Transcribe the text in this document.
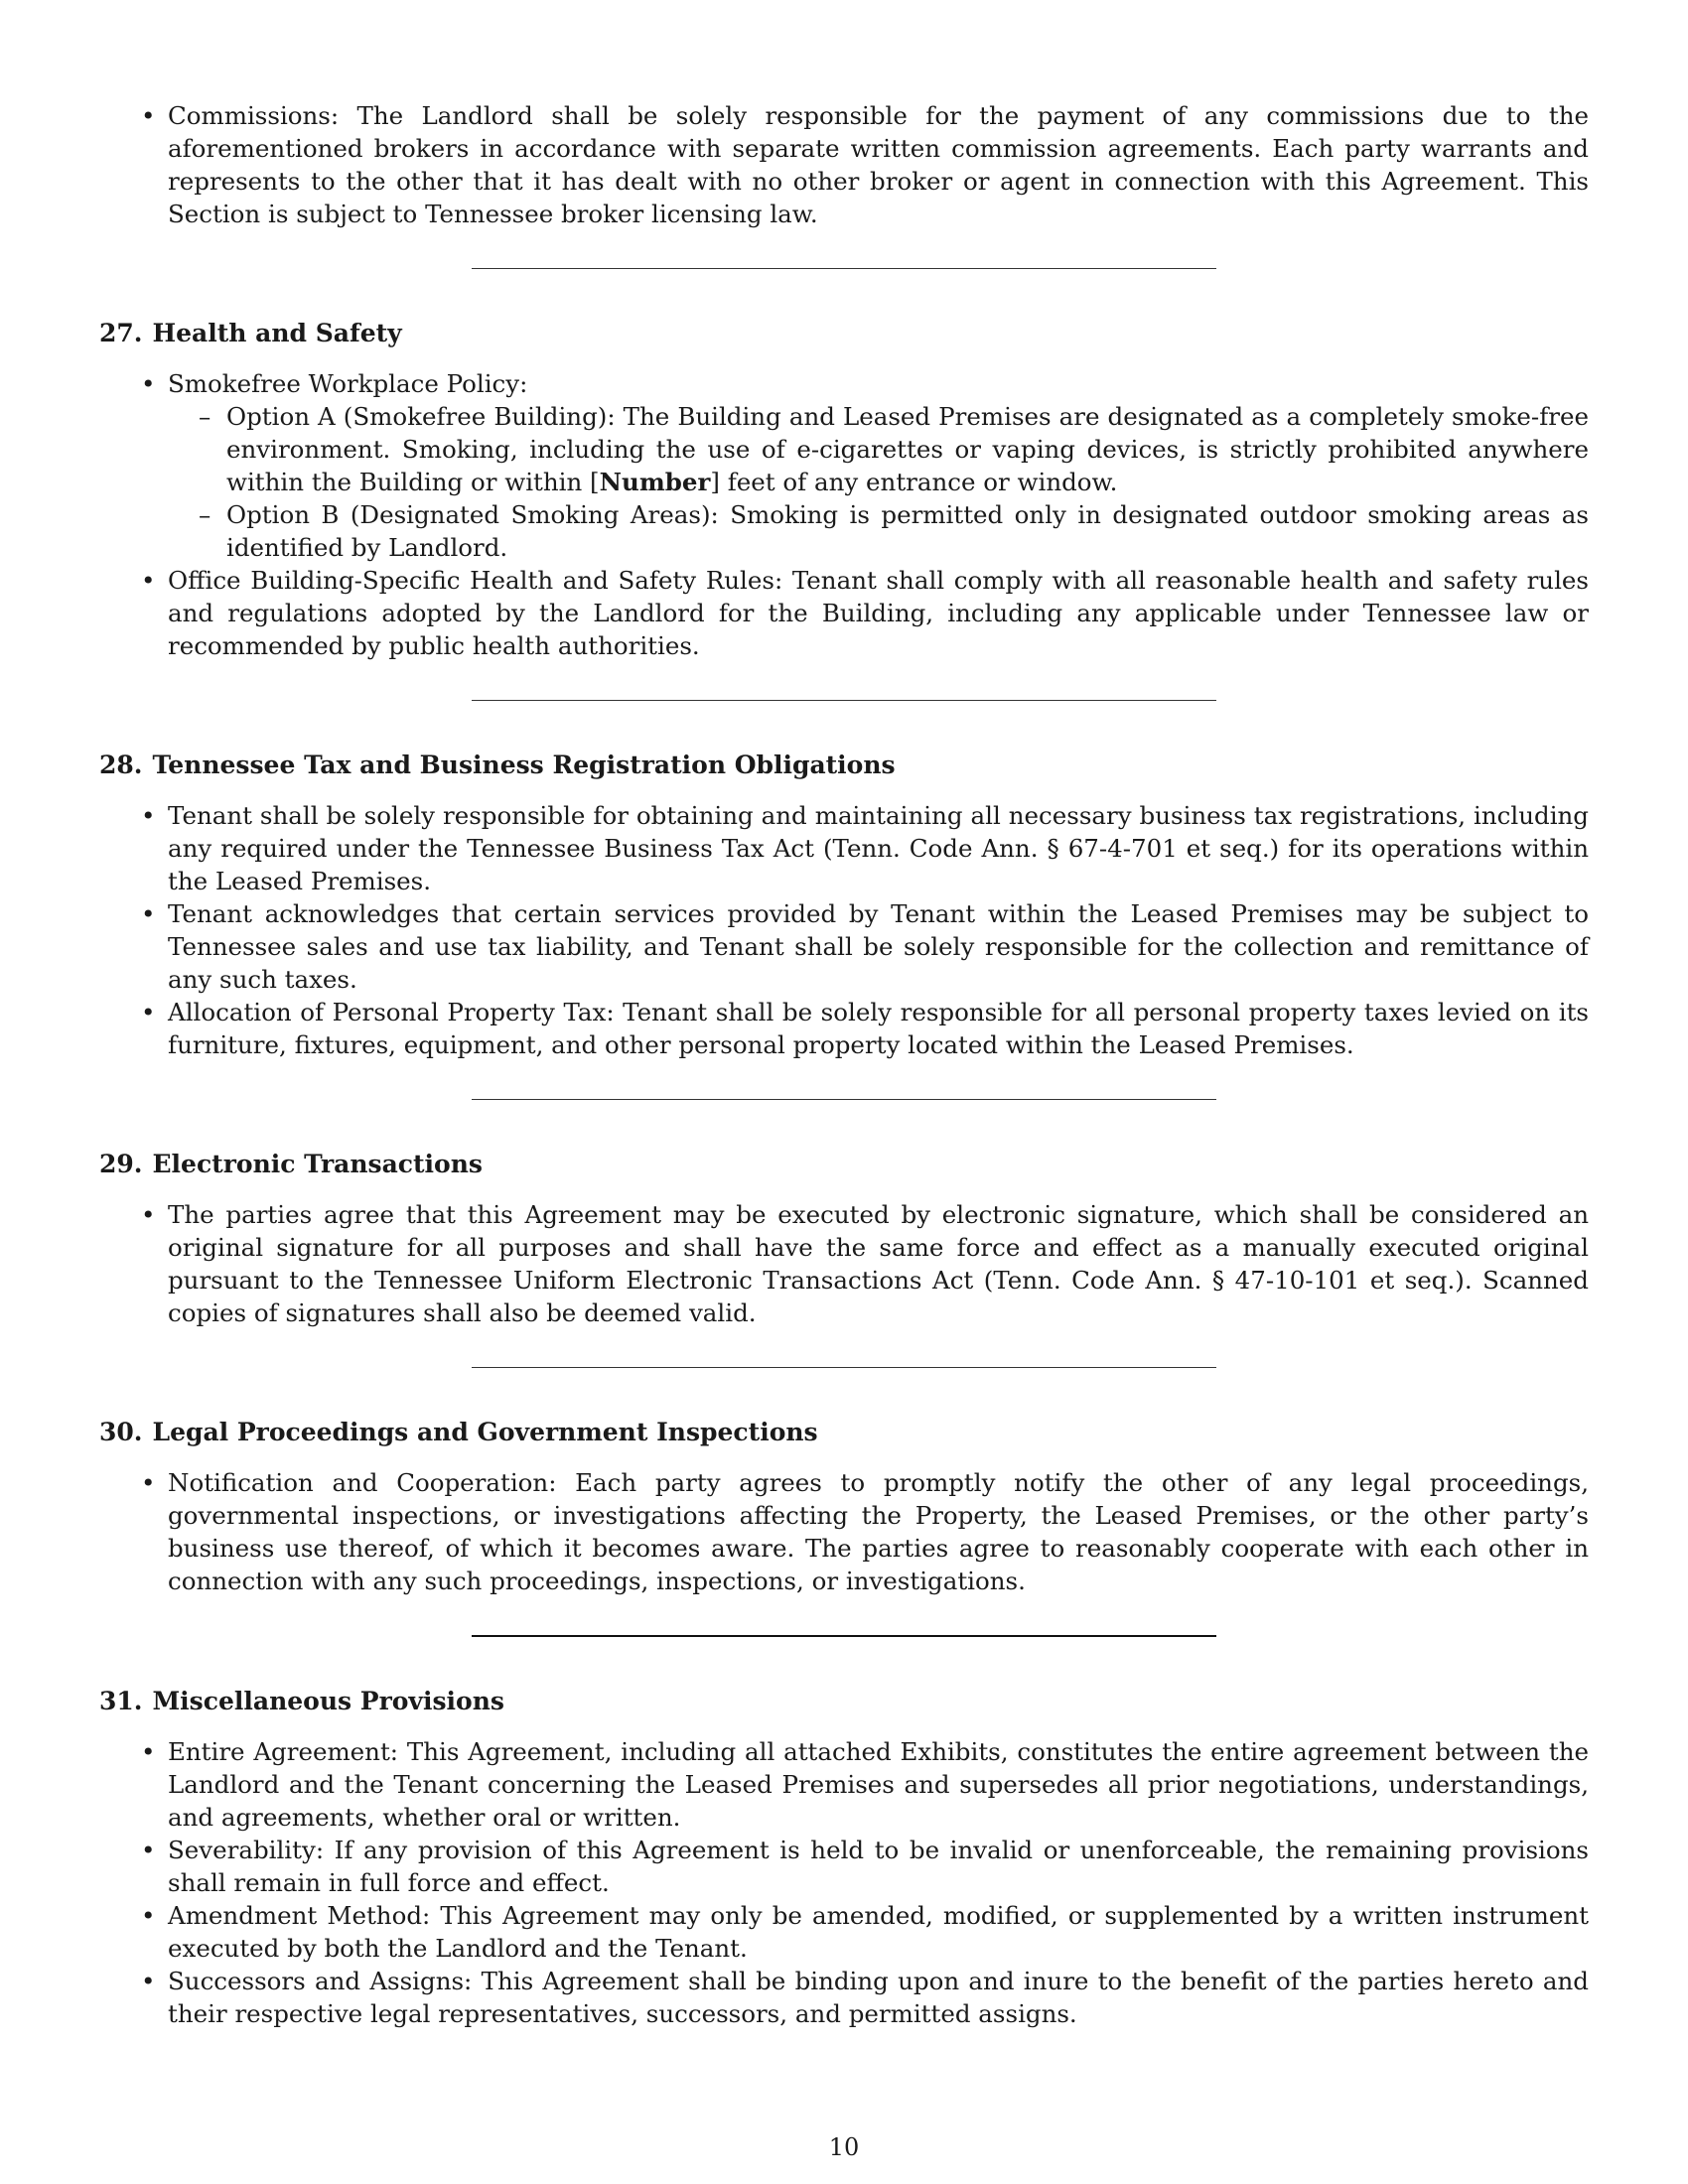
• Commissions: The Landlord shall be solely responsible for the payment of any commissions due to the aforementioned brokers in accordance with separate written commission agreements. Each party warrants and represents to the other that it has dealt with no other broker or agent in connection with this Agreement. This Section is subject to Tennessee broker licensing law.
27. Health and Safety
• Smokefree Workplace Policy:
– Option A (Smokefree Building): The Building and Leased Premises are designated as a completely smoke-free environment. Smoking, including the use of e-cigarettes or vaping devices, is strictly prohibited anywhere within the Building or within [Number] feet of any entrance or window.
– Option B (Designated Smoking Areas): Smoking is permitted only in designated outdoor smoking areas as identified by Landlord.
• Office Building-Specific Health and Safety Rules: Tenant shall comply with all reasonable health and safety rules and regulations adopted by the Landlord for the Building, including any applicable under Tennessee law or recommended by public health authorities.
28. Tennessee Tax and Business Registration Obligations
• Tenant shall be solely responsible for obtaining and maintaining all necessary business tax registrations, including any required under the Tennessee Business Tax Act (Tenn. Code Ann. § 67-4-701 et seq.) for its operations within the Leased Premises.
• Tenant acknowledges that certain services provided by Tenant within the Leased Premises may be subject to Tennessee sales and use tax liability, and Tenant shall be solely responsible for the collection and remittance of any such taxes.
• Allocation of Personal Property Tax: Tenant shall be solely responsible for all personal property taxes levied on its furniture, fixtures, equipment, and other personal property located within the Leased Premises.
29. Electronic Transactions
• The parties agree that this Agreement may be executed by electronic signature, which shall be considered an original signature for all purposes and shall have the same force and effect as a manually executed original pursuant to the Tennessee Uniform Electronic Transactions Act (Tenn. Code Ann. § 47-10-101 et seq.). Scanned copies of signatures shall also be deemed valid.
30. Legal Proceedings and Government Inspections
• Notification and Cooperation: Each party agrees to promptly notify the other of any legal proceedings, governmental inspections, or investigations affecting the Property, the Leased Premises, or the other party’s business use thereof, of which it becomes aware. The parties agree to reasonably cooperate with each other in connection with any such proceedings, inspections, or investigations.
31. Miscellaneous Provisions
• Entire Agreement: This Agreement, including all attached Exhibits, constitutes the entire agreement between the Landlord and the Tenant concerning the Leased Premises and supersedes all prior negotiations, understandings, and agreements, whether oral or written.
• Severability: If any provision of this Agreement is held to be invalid or unenforceable, the remaining provisions shall remain in full force and effect.
• Amendment Method: This Agreement may only be amended, modified, or supplemented by a written instrument executed by both the Landlord and the Tenant.
• Successors and Assigns: This Agreement shall be binding upon and inure to the benefit of the parties hereto and their respective legal representatives, successors, and permitted assigns.
10
